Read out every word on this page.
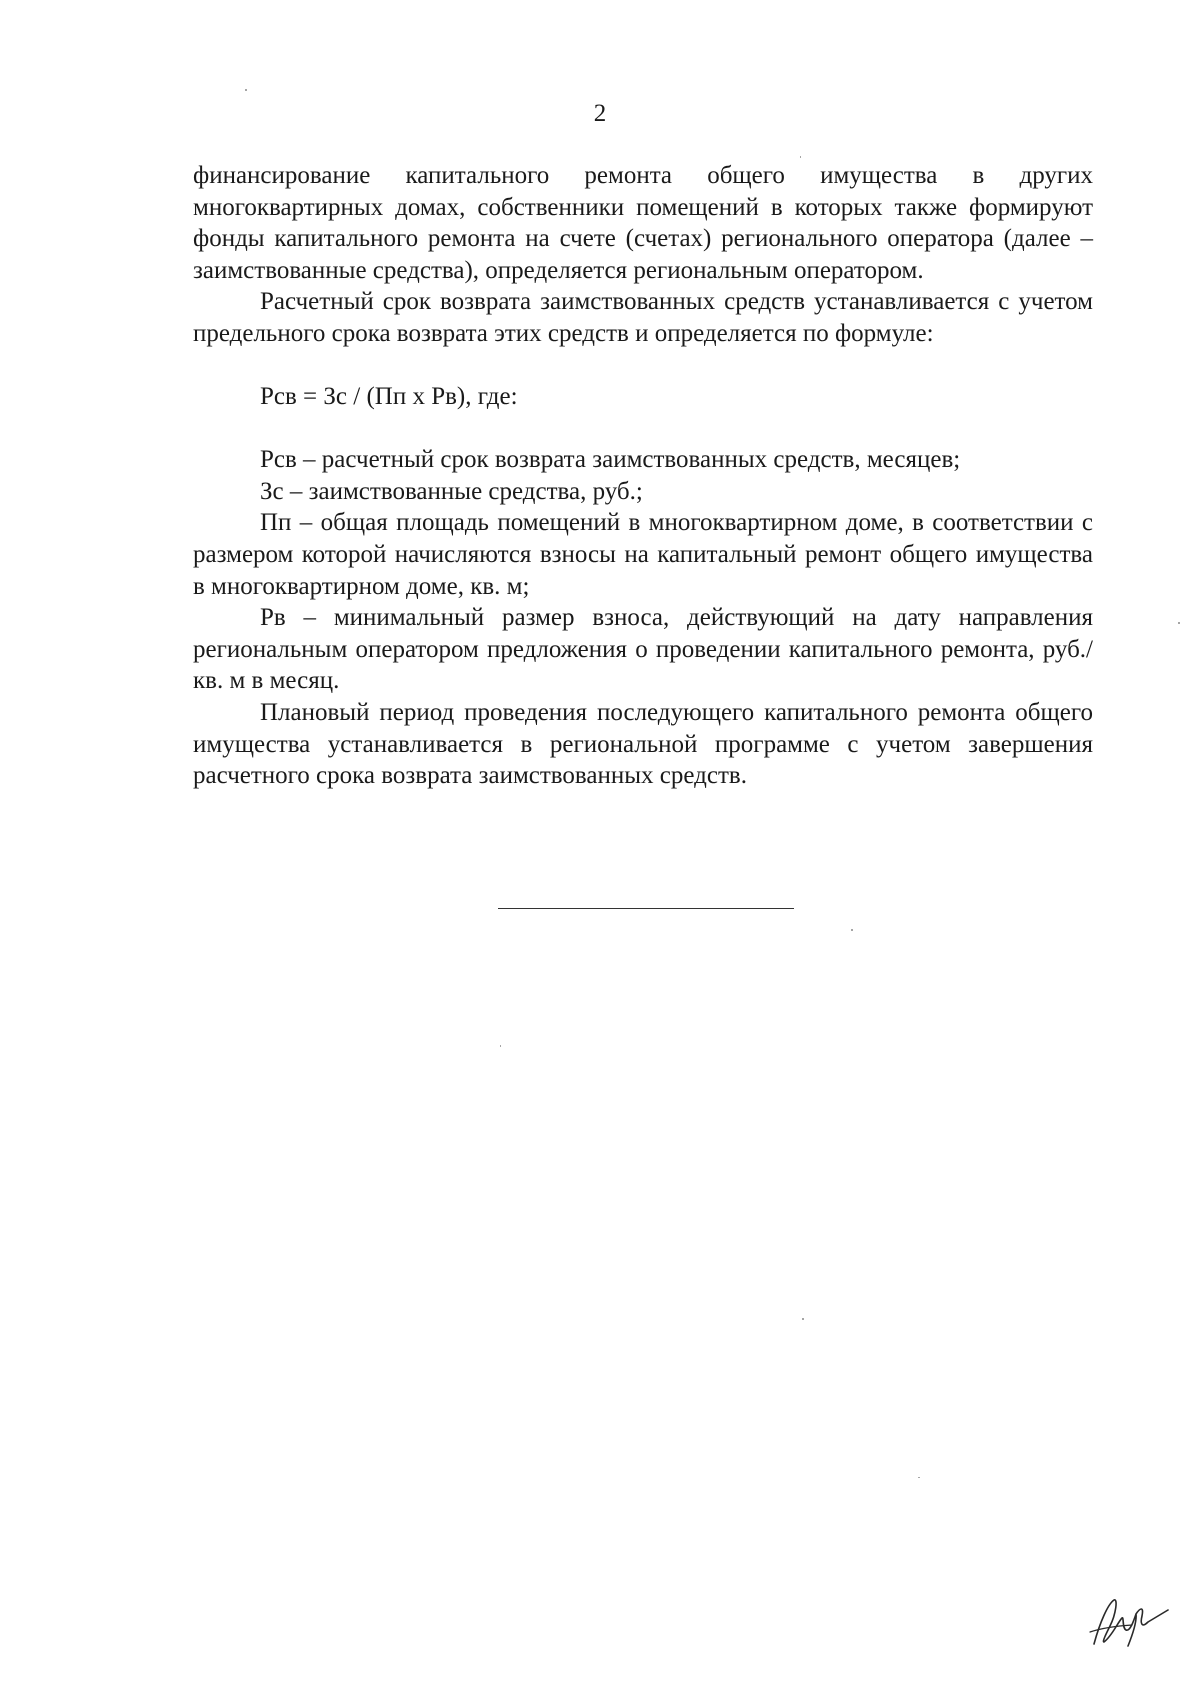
2

финансирование капитального ремонта общего имущества в других многоквартирных домах, собственники помещений в которых также формируют фонды капитального ремонта на счете (счетах) регионального оператора (далее – заимствованные средства), определяется региональным оператором.

Расчетный срок возврата заимствованных средств устанавливается с учетом предельного срока возврата этих средств и определяется по формуле:

Рсв = Зс / (Пп х Рв), где:

Рсв – расчетный срок возврата заимствованных средств, месяцев;

Зс – заимствованные средства, руб.;

Пп – общая площадь помещений в многоквартирном доме, в соответствии с размером которой начисляются взносы на капитальный ремонт общего имущества в многоквартирном доме, кв. м;

Рв – минимальный размер взноса, действующий на дату направления региональным оператором предложения о проведении капитального ремонта, руб./кв. м в месяц.

Плановый период проведения последующего капитального ремонта общего имущества устанавливается в региональной программе с учетом завершения расчетного срока возврата заимствованных средств.
